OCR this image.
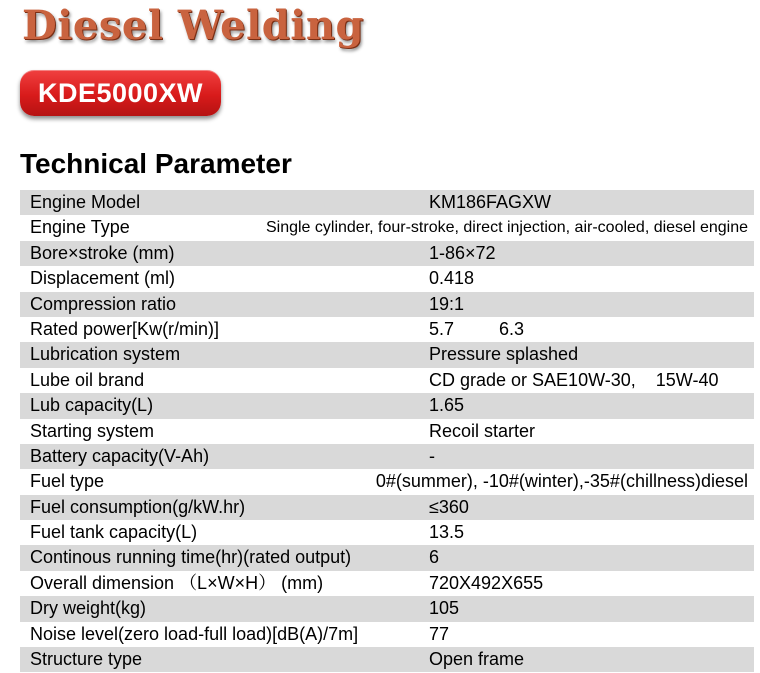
Diesel Welding
KDE5000XW
Technical Parameter
Engine Model	KM186FAGXW
Engine Type	Single cylinder, four-stroke, direct injection, air-cooled, diesel engine
Bore×stroke (mm)	1-86×72
Displacement (ml)	0.418
Compression ratio	19:1
Rated power[Kw(r/min)]	5.7         6.3
Lubrication system	Pressure splashed
Lube oil brand	CD grade or SAE10W-30,    15W-40
Lub capacity(L)	1.65
Starting system	Recoil starter
Battery capacity(V-Ah)	-
Fuel type	0#(summer), -10#(winter),-35#(chillness)diesel
Fuel consumption(g/kW.hr)	≤360
Fuel tank capacity(L)	13.5
Continous running time(hr)(rated output)	6
Overall dimension （L×W×H） (mm)	720X492X655
Dry weight(kg)	105
Noise level(zero load-full load)[dB(A)/7m]	77
Structure type	Open frame
